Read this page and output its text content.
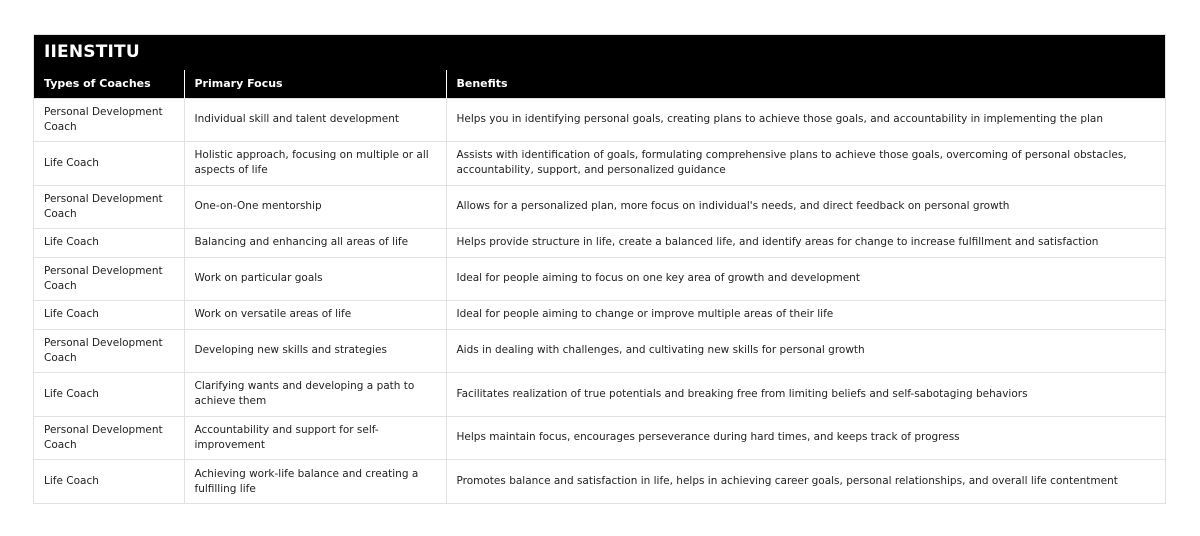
IIENSTITU
Types of Coaches	Primary Focus	Benefits
Personal Development Coach	Individual skill and talent development	Helps you in identifying personal goals, creating plans to achieve those goals, and accountability in implementing the plan
Life Coach	Holistic approach, focusing on multiple or all aspects of life	Assists with identification of goals, formulating comprehensive plans to achieve those goals, overcoming of personal obstacles, accountability, support, and personalized guidance
Personal Development Coach	One-on-One mentorship	Allows for a personalized plan, more focus on individual's needs, and direct feedback on personal growth
Life Coach	Balancing and enhancing all areas of life	Helps provide structure in life, create a balanced life, and identify areas for change to increase fulfillment and satisfaction
Personal Development Coach	Work on particular goals	Ideal for people aiming to focus on one key area of growth and development
Life Coach	Work on versatile areas of life	Ideal for people aiming to change or improve multiple areas of their life
Personal Development Coach	Developing new skills and strategies	Aids in dealing with challenges, and cultivating new skills for personal growth
Life Coach	Clarifying wants and developing a path to achieve them	Facilitates realization of true potentials and breaking free from limiting beliefs and self-sabotaging behaviors
Personal Development Coach	Accountability and support for self-improvement	Helps maintain focus, encourages perseverance during hard times, and keeps track of progress
Life Coach	Achieving work-life balance and creating a fulfilling life	Promotes balance and satisfaction in life, helps in achieving career goals, personal relationships, and overall life contentment
